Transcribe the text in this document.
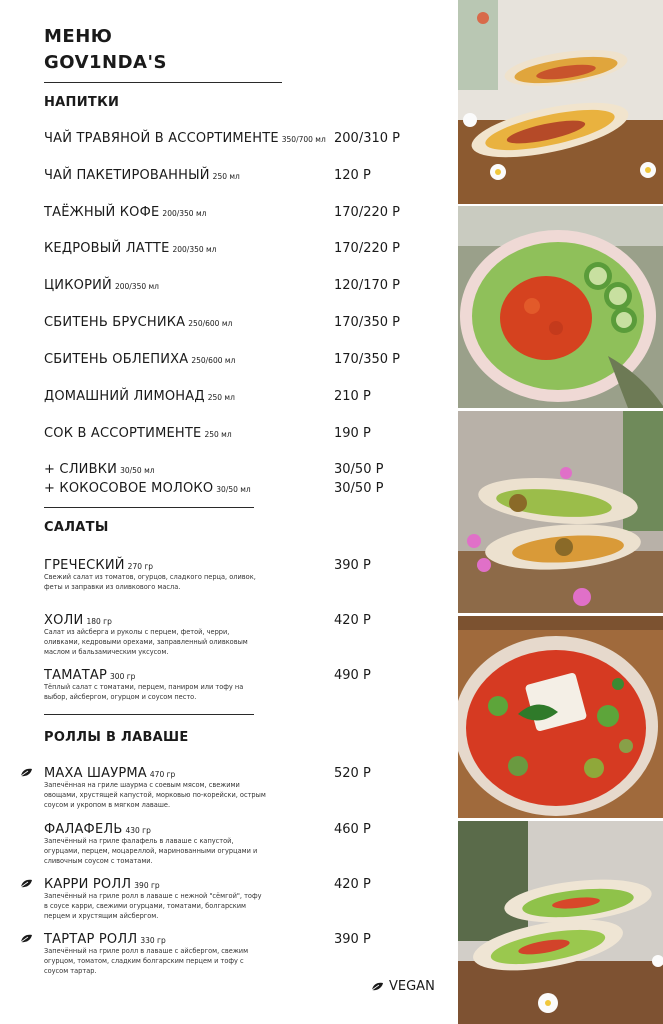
МЕНЮ
GOV1NDA'S
НАПИТКИ
ЧАЙ ТРАВЯНОЙ В АССОРТИМЕНТЕ 350/700 мл 200/310 Р
ЧАЙ ПАКЕТИРОВАННЫЙ 250 мл	120 Р
ТАЁЖНЫЙ КОФЕ 200/350 мл	170/220 Р
КЕДРОВЫЙ ЛАТТЕ 200/350 мл	170/220 Р
ЦИКОРИЙ 200/350 мл	120/170 Р
СБИТЕНЬ БРУСНИКА 250/600 мл	170/350 Р
СБИТЕНЬ ОБЛЕПИХА 250/600 мл	170/350 Р
ДОМАШНИЙ ЛИМОНАД 250 мл	210 Р
СОК В АССОРТИМЕНТЕ 250 мл	190 Р
+ СЛИВКИ 30/50 мл	30/50 Р
+ КОКОСОВОЕ МОЛОКО 30/50 мл	30/50 Р
САЛАТЫ
ГРЕЧЕСКИЙ 270 гр	390 Р
Свежий салат из томатов, огурцов, сладкого перца, оливок, феты и заправки из оливкового масла.
ХОЛИ 180 гр	420 Р
Салат из айсберга и руколы с перцем, фетой, черри, оливками, кедровыми орехами, заправленный оливковым маслом и бальзамическим уксусом.
ТАМАТАР 300 гр	490 Р
Тёплый салат с томатами, перцем, паниром или тофу на выбор, айсбергом, огурцом и соусом песто.
РОЛЛЫ В ЛАВАШЕ
МАХА ШАУРМА 470 гр	520 Р
Запечённая на гриле шаурма с соевым мясом, свежими овощами, хрустящей капустой, морковью по-корейски, острым соусом и укропом в мягком лаваше.
ФАЛАФЕЛЬ 430 гр	460 Р
Запечённый на гриле фалафель в лаваше с капустой, огурцами, перцем, моцареллой, маринованными огурцами и сливочным соусом с томатами.
КАРРИ РОЛЛ 390 гр	420 Р
Запечённый на гриле ролл в лаваше с нежной "сёмгой", тофу в соусе карри, свежими огурцами, томатами, болгарским перцем и хрустящим айсбергом.
ТАРТАР РОЛЛ 330 гр	390 Р
Запечённый на гриле ролл в лаваше с айсбергом, свежим огурцом, томатом, сладким болгарским перцем и тофу с соусом тартар.
VEGAN
